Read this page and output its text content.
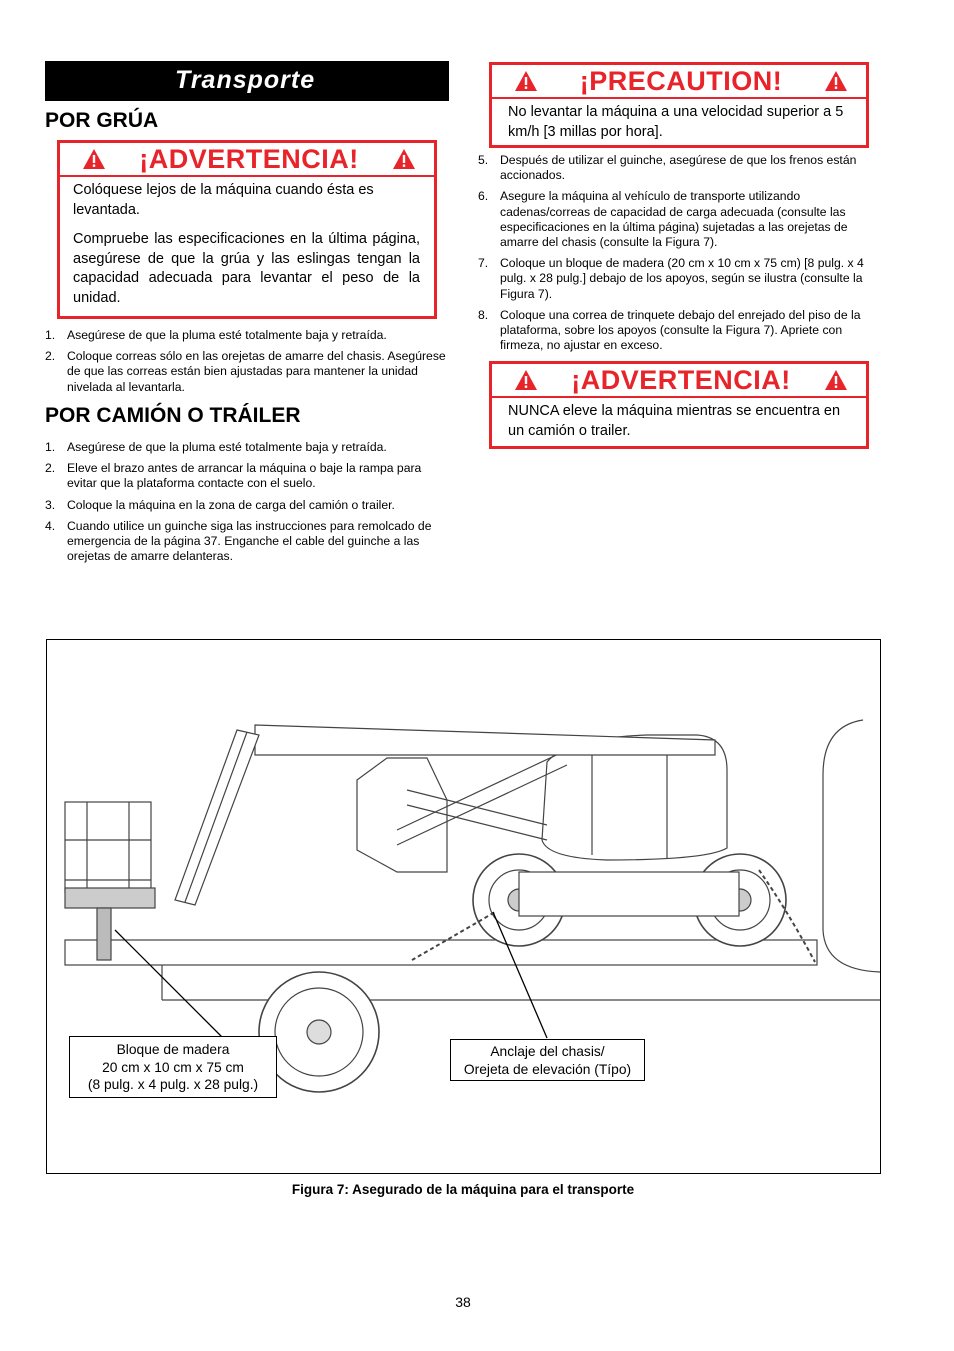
Transporte
POR GRÚA
¡ADVERTENCIA!

Colóquese lejos de la máquina cuando ésta es levantada.

Compruebe las especificaciones en la última página, asegúrese de que la grúa y las eslingas tengan la capacidad adecuada para levantar el peso de la unidad.

1. Asegúrese de que la pluma esté totalmente baja y retraída.
2. Coloque correas sólo en las orejetas de amarre del chasis. Asegúrese de que las correas están bien ajustadas para mantener la unidad nivelada al levantarla.
POR CAMIÓN O TRÁILER
1. Asegúrese de que la pluma esté totalmente baja y retraída.
2. Eleve el brazo antes de arrancar la máquina o baje la rampa para evitar que la plataforma contacte con el suelo.
3. Coloque la máquina en la zona de carga del camión o trailer.
4. Cuando utilice un guinche siga las instrucciones para remolcado de emergencia de la página 37. Enganche el cable del guinche a las orejetas de amarre delanteras.
¡PRECAUTION!

No levantar la máquina a una velocidad superior a 5 km/h [3 millas por hora].

5. Después de utilizar el guinche, asegúrese de que los frenos están accionados.
6. Asegure la máquina al vehículo de transporte utilizando cadenas/correas de capacidad de carga adecuada (consulte las especificaciones en la última página) sujetadas a las orejetas de amarre del chasis (consulte la Figura 7).
7. Coloque un bloque de madera (20 cm x 10 cm x 75 cm) [8 pulg. x 4 pulg. x 28 pulg.] debajo de los apoyos, según se ilustra (consulte la Figura 7).
8. Coloque una correa de trinquete debajo del enrejado del piso de la plataforma, sobre los apoyos (consulte la Figura 7). Apriete con firmeza, no ajustar en exceso.
¡ADVERTENCIA!

NUNCA eleve la máquina mientras se encuentra en un camión o trailer.

Bloque de madera
20 cm x 10 cm x 75 cm
(8 pulg. x 4 pulg. x 28 pulg.)
Anclaje del chasis/
Orejeta de elevación (Típo)
Figura 7: Asegurado de la máquina para el transporte
38
